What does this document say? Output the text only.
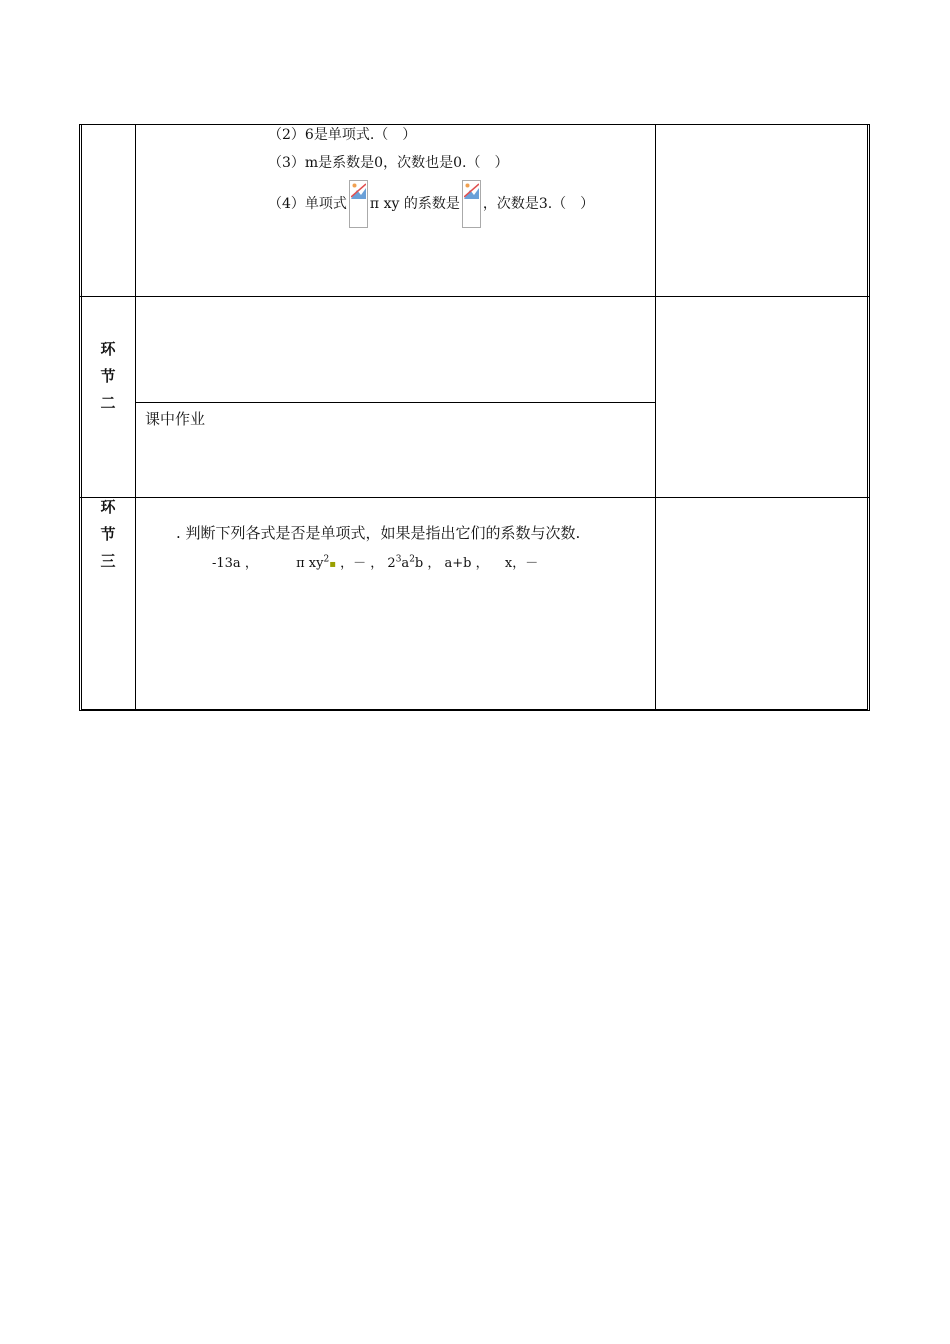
（2）6是单项式.（　）
（3）m是系数是0，次数也是0.（　）
（4）单项式 π xy 的系数是 ，次数是3.（　）
环
节
二
课中作业
环
节
三
. 判断下列各式是否是单项式，如果是指出它们的系数与次数.
-13a ，	π $xy^2▪$ ，－ ， $2^3a^2b$ ， a+b ， x，－
